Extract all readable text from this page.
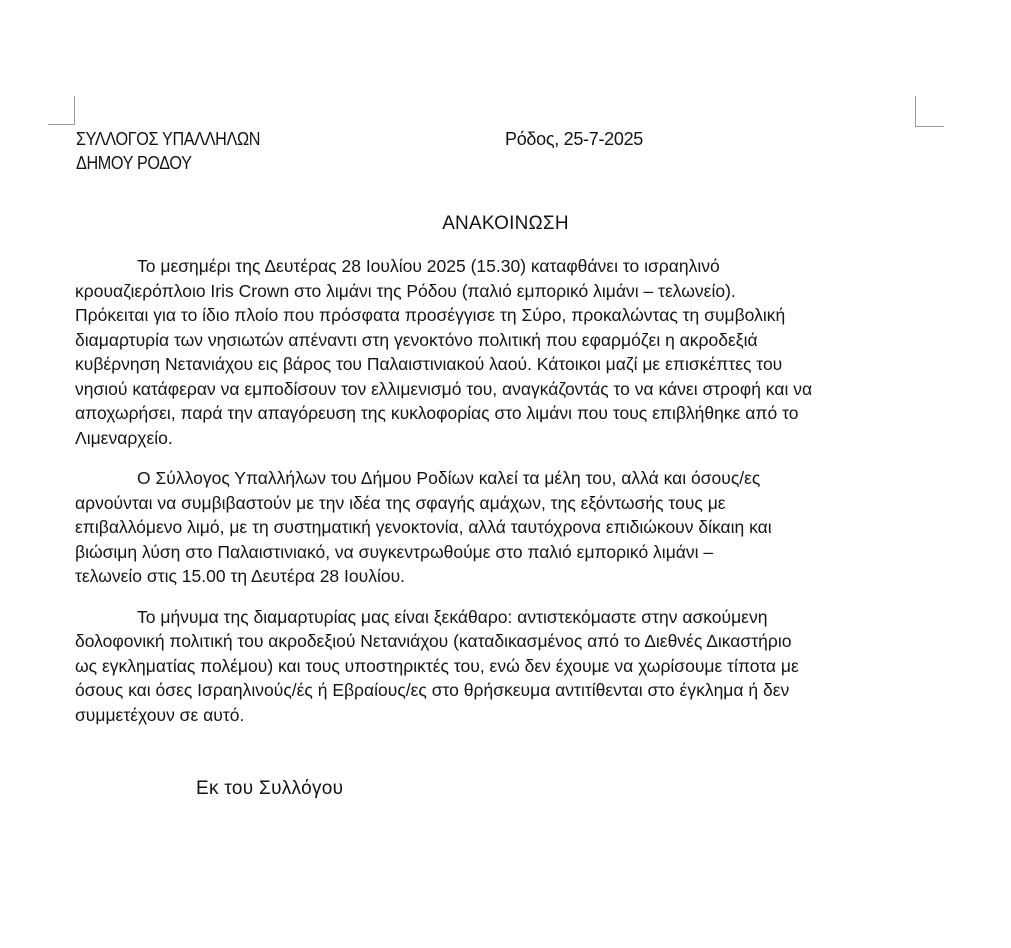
ΣΥΛΛΟΓΟΣ ΥΠΑΛΛΗΛΩΝ
ΔΗΜΟΥ ΡΟΔΟΥ
Ρόδος, 25-7-2025
ΑΝΑΚΟΙΝΩΣΗ
Το μεσημέρι της Δευτέρας 28 Ιουλίου 2025 (15.30) καταφθάνει το ισραηλινό
κρουαζιερόπλοιο Iris Crown στο λιμάνι της Ρόδου (παλιό εμπορικό λιμάνι – τελωνείο).
Πρόκειται για το ίδιο πλοίο που πρόσφατα προσέγγισε τη Σύρο, προκαλώντας τη συμβολική
διαμαρτυρία των νησιωτών απέναντι στη γενοκτόνο πολιτική που εφαρμόζει η ακροδεξιά
κυβέρνηση Νετανιάχου εις βάρος του Παλαιστινιακού λαού. Κάτοικοι μαζί με επισκέπτες του
νησιού κατάφεραν να εμποδίσουν τον ελλιμενισμό του, αναγκάζοντάς το να κάνει στροφή και να
αποχωρήσει, παρά την απαγόρευση της κυκλοφορίας στο λιμάνι που τους επιβλήθηκε από το
Λιμεναρχείο.
Ο Σύλλογος Υπαλλήλων του Δήμου Ροδίων καλεί τα μέλη του, αλλά και όσους/ες
αρνούνται να συμβιβαστούν με την ιδέα της σφαγής αμάχων, της εξόντωσής τους με
επιβαλλόμενο λιμό, με τη συστηματική γενοκτονία, αλλά ταυτόχρονα επιδιώκουν δίκαιη και
βιώσιμη λύση στο Παλαιστινιακό, να συγκεντρωθούμε στο παλιό εμπορικό λιμάνι –
τελωνείο στις 15.00 τη Δευτέρα 28 Ιουλίου.
Το μήνυμα της διαμαρτυρίας μας είναι ξεκάθαρο: αντιστεκόμαστε στην ασκούμενη
δολοφονική πολιτική του ακροδεξιού Νετανιάχου (καταδικασμένος από το Διεθνές Δικαστήριο
ως εγκληματίας πολέμου) και τους υποστηρικτές του, ενώ δεν έχουμε να χωρίσουμε τίποτα με
όσους και όσες Ισραηλινούς/ές ή Εβραίους/ες στο θρήσκευμα αντιτίθενται στο έγκλημα ή δεν
συμμετέχουν σε αυτό.
Εκ του Συλλόγου
